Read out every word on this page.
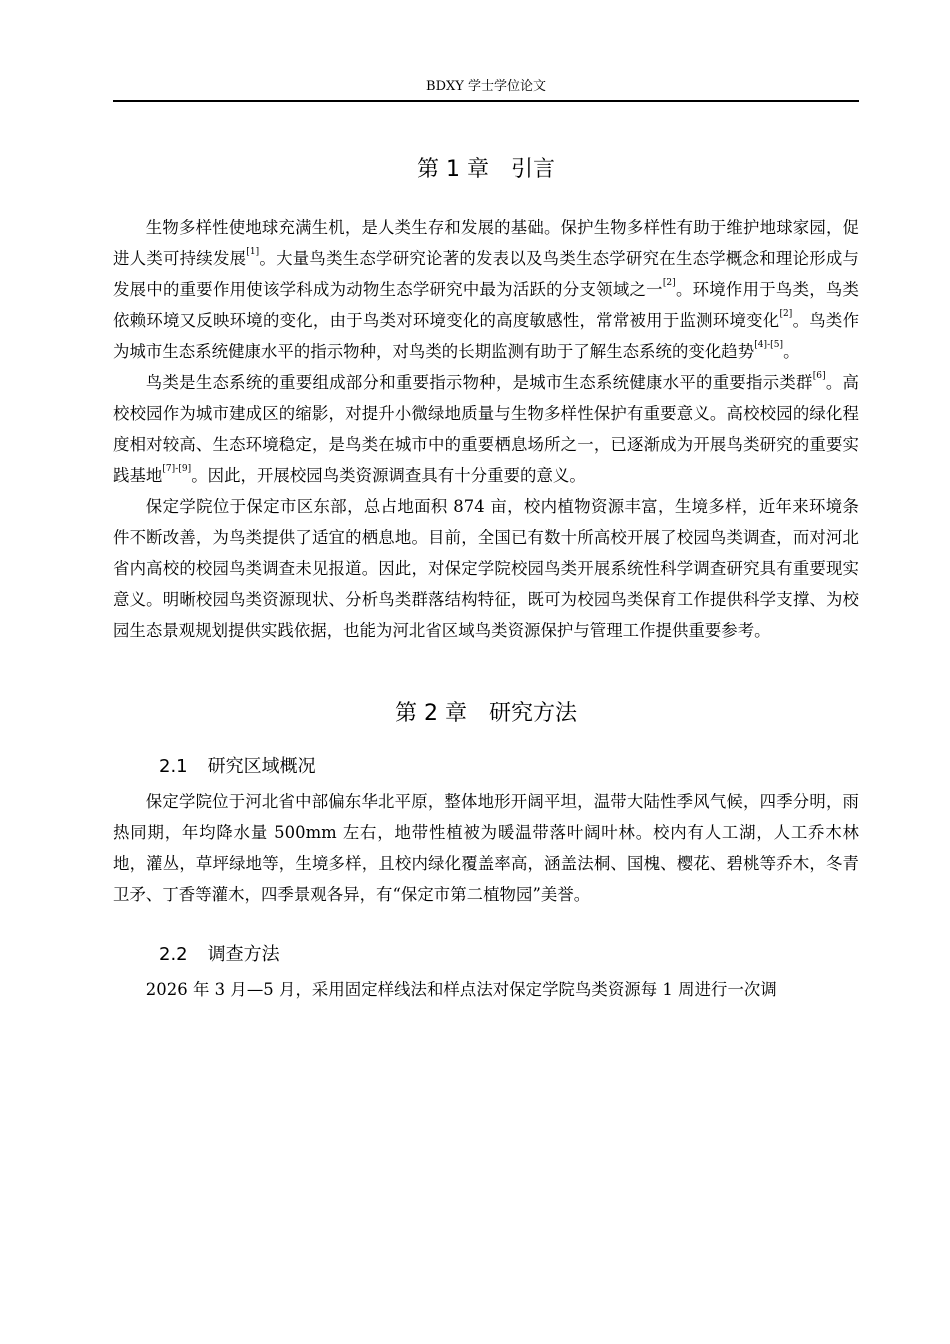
BDXY 学士学位论文
第 1 章 引言

生物多样性使地球充满生机，是人类生存和发展的基础。保护生物多样性有助于维护地球家园，促进人类可持续发展[1]。大量鸟类生态学研究论著的发表以及鸟类生态学研究在生态学概念和理论形成与发展中的重要作用使该学科成为动物生态学研究中最为活跃的分支领域之一[2]。环境作用于鸟类，鸟类依赖环境又反映环境的变化，由于鸟类对环境变化的高度敏感性，常常被用于监测环境变化[2]。鸟类作为城市生态系统健康水平的指示物种，对鸟类的长期监测有助于了解生态系统的变化趋势[4]-[5]。

鸟类是生态系统的重要组成部分和重要指示物种，是城市生态系统健康水平的重要指示类群[6]。高校校园作为城市建成区的缩影，对提升小微绿地质量与生物多样性保护有重要意义。高校校园的绿化程度相对较高、生态环境稳定，是鸟类在城市中的重要栖息场所之一，已逐渐成为开展鸟类研究的重要实践基地[7]-[9]。因此，开展校园鸟类资源调查具有十分重要的意义。

保定学院位于保定市区东部，总占地面积 874 亩，校内植物资源丰富，生境多样，近年来环境条件不断改善，为鸟类提供了适宜的栖息地。目前，全国已有数十所高校开展了校园鸟类调查，而对河北省内高校的校园鸟类调查未见报道。因此，对保定学院校园鸟类开展系统性科学调查研究具有重要现实意义。明晰校园鸟类资源现状、分析鸟类群落结构特征，既可为校园鸟类保育工作提供科学支撑、为校园生态景观规划提供实践依据，也能为河北省区域鸟类资源保护与管理工作提供重要参考。

第 2 章 研究方法
2.1 研究区域概况

保定学院位于河北省中部偏东华北平原，整体地形开阔平坦，温带大陆性季风气候，四季分明，雨热同期，年均降水量 500mm 左右，地带性植被为暖温带落叶阔叶林。校内有人工湖，人工乔木林地，灌丛，草坪绿地等，生境多样，且校内绿化覆盖率高，涵盖法桐、国槐、樱花、碧桃等乔木，冬青卫矛、丁香等灌木，四季景观各异，有“保定市第二植物园”美誉。

2.2 调查方法

2026 年 3 月—5 月，采用固定样线法和样点法对保定学院鸟类资源每 1 周进行一次调
